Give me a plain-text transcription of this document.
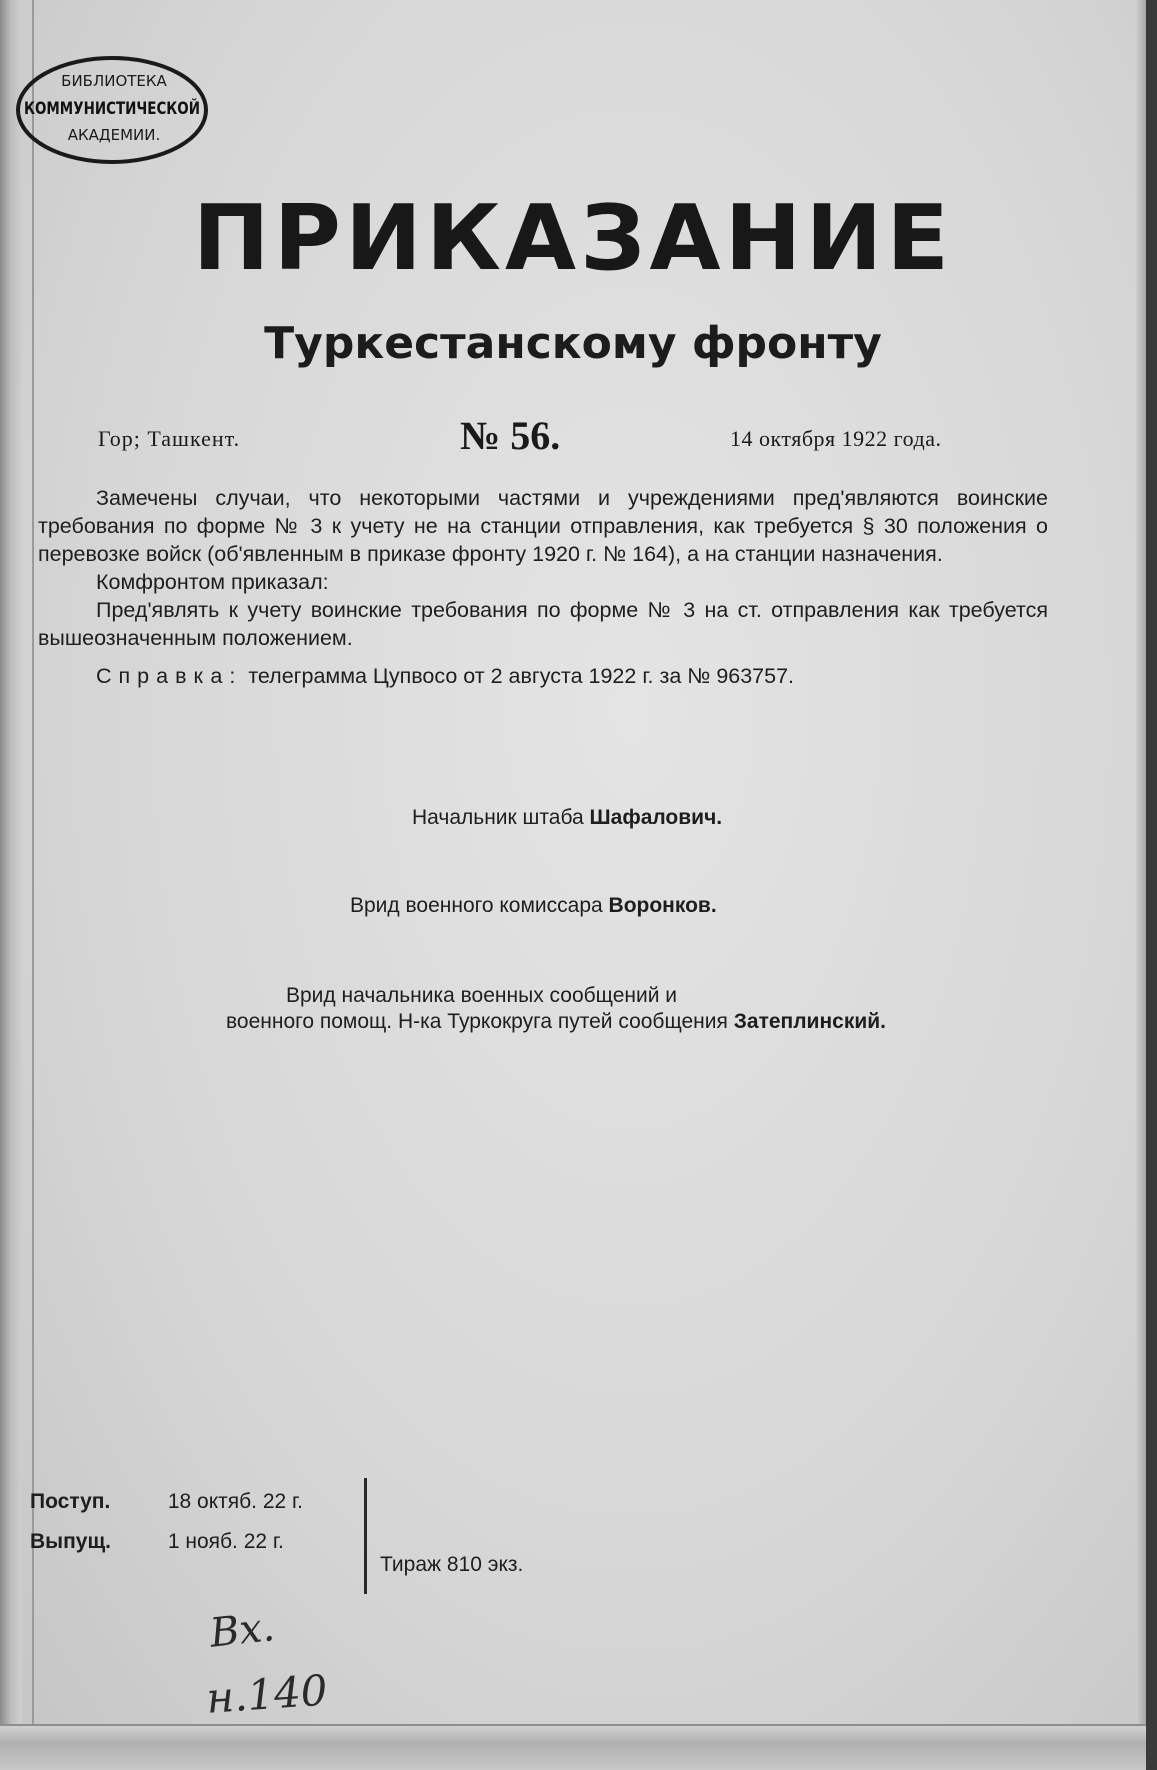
БИБЛИОТЕКА
КОММУНИСТИЧЕСКОЙ
АКАДЕМИИ.
ПРИКАЗАНИЕ
Туркестанскому фронту
Гор; Ташкент.	№ 56.	14 октября 1922 года.

Замечены случаи, что некоторыми частями и учреждениями пред'являются воинские требования по форме № 3 к учету не на станции отправления, как требуется § 30 положения о перевозке войск (об'явленным в приказе фронту 1920 г. № 164), а на станции назначения.

Комфронтом приказал:

Пред'являть к учету воинские требования по форме № 3 на ст. отправления как требуется вышеозначенным положением.

Справка: телеграмма Цупвосо от 2 августа 1922 г. за № 963757.

Начальник штаба Шафалович.
Врид военного комиссара Воронков.
Врид начальника военных сообщений и
военного помощ. Н-ка Туркокруга путей сообщения Затеплинский.
Поступ.	18 октяб. 22 г.
Выпущ.	1 нояб. 22 г.
Тираж 810 экз.
Вх.
н.140
